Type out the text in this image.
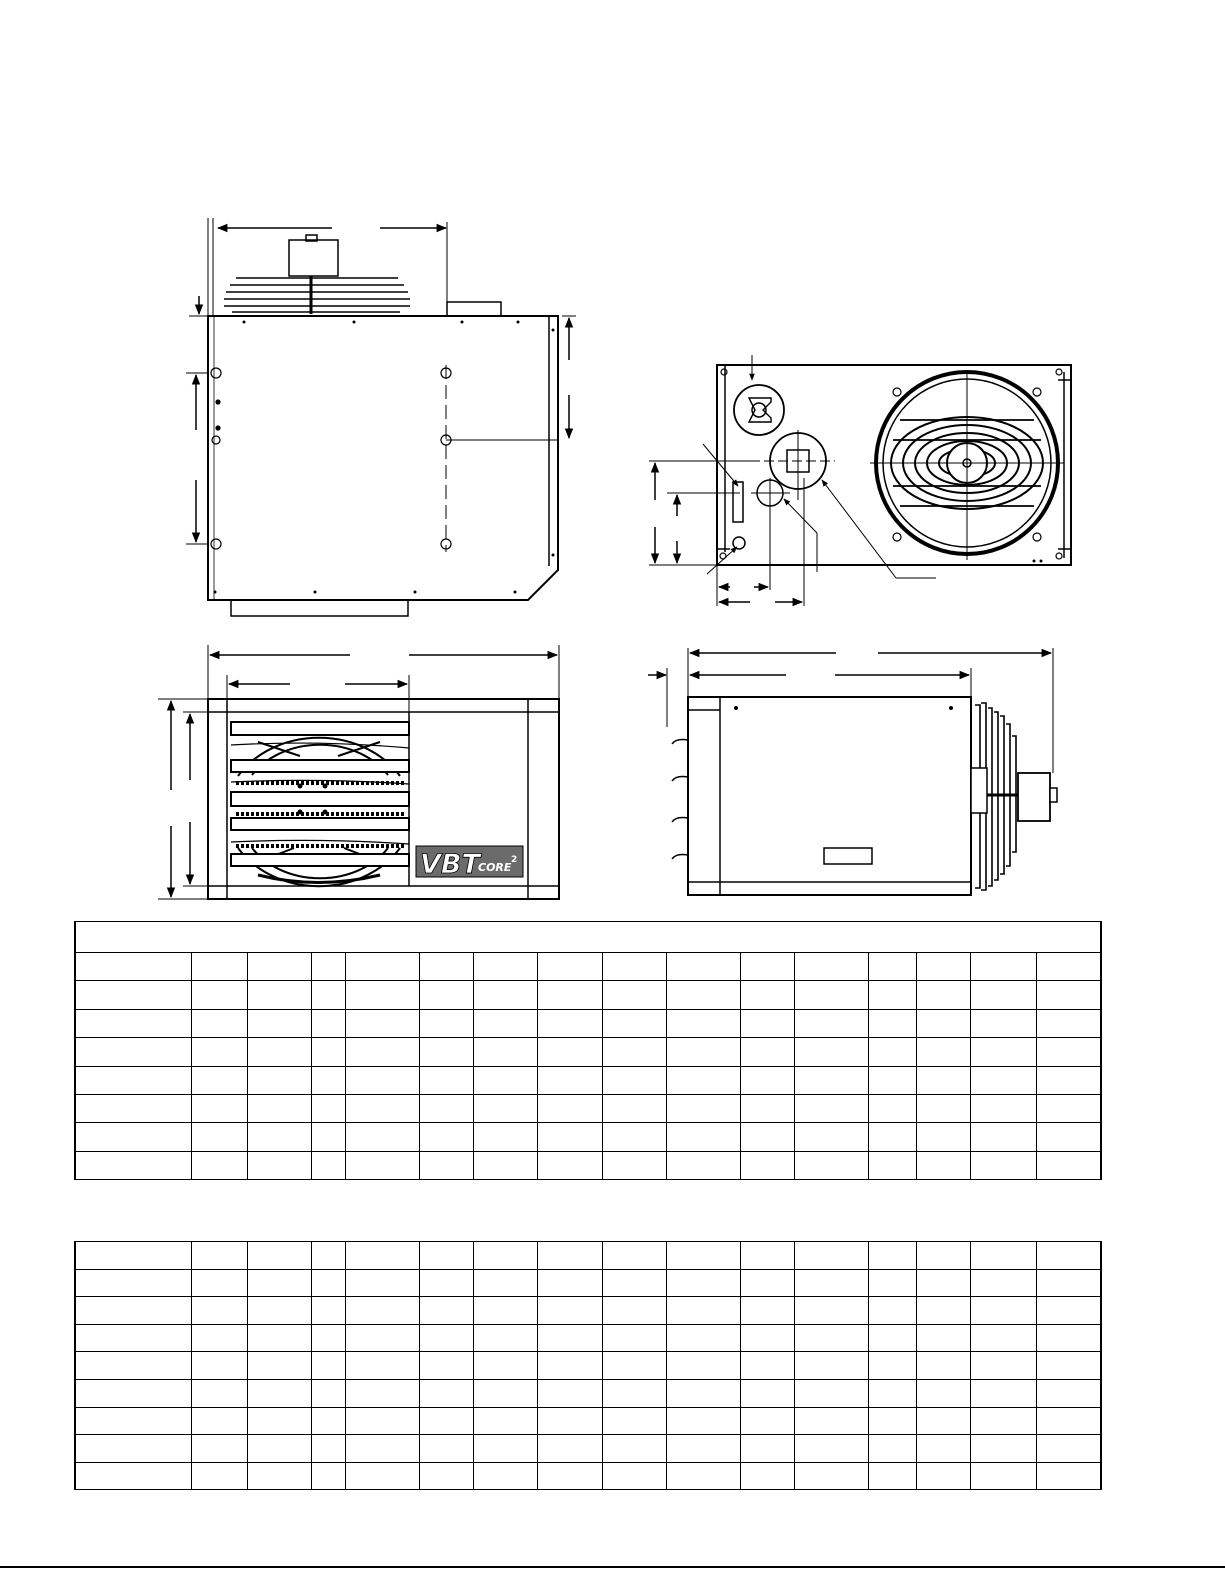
VBT
CORE
2
